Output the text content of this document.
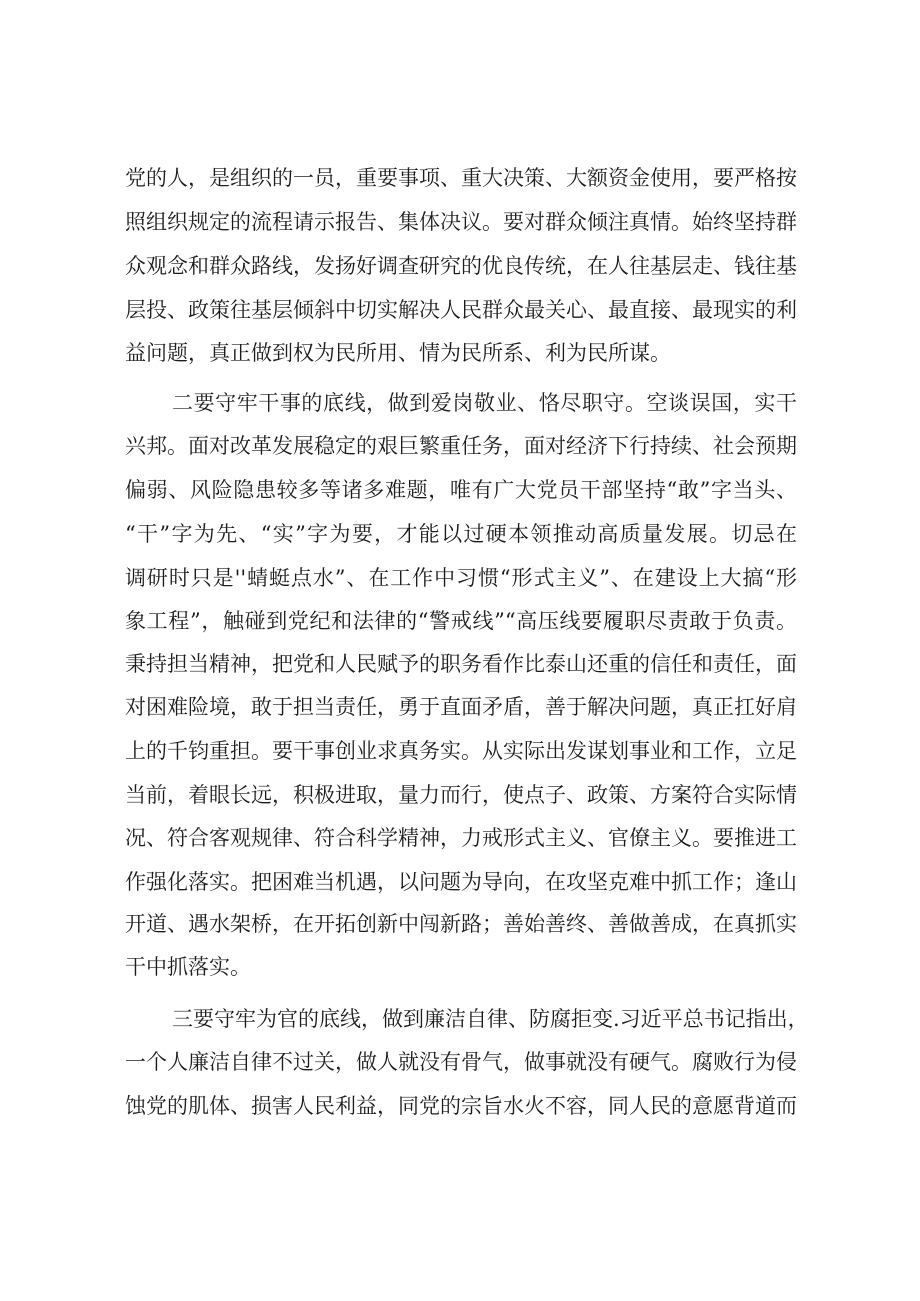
党的人，是组织的一员，重要事项、重大决策、大额资金使用，要严格按

照组织规定的流程请示报告、集体决议。要对群众倾注真情。始终坚持群

众观念和群众路线，发扬好调查研究的优良传统，在人往基层走、钱往基

层投、政策往基层倾斜中切实解决人民群众最关心、最直接、最现实的利

益问题，真正做到权为民所用、情为民所系、利为民所谋。

二要守牢干事的底线，做到爱岗敬业、恪尽职守。空谈误国，实干

兴邦。面对改革发展稳定的艰巨繁重任务，面对经济下行持续、社会预期

偏弱、风险隐患较多等诸多难题，唯有广大党员干部坚持“敢”字当头、

“干”字为先、“实”字为要，才能以过硬本领推动高质量发展。切忌在

调研时只是''蜻蜓点水”、在工作中习惯“形式主义”、在建设上大搞“形

象工程”，触碰到党纪和法律的“警戒线”“高压线要履职尽责敢于负责。

秉持担当精神，把党和人民赋予的职务看作比泰山还重的信任和责任，面

对困难险境，敢于担当责任，勇于直面矛盾，善于解决问题，真正扛好肩

上的千钧重担。要干事创业求真务实。从实际出发谋划事业和工作，立足

当前，着眼长远，积极进取，量力而行，使点子、政策、方案符合实际情

况、符合客观规律、符合科学精神，力戒形式主义、官僚主义。要推进工

作强化落实。把困难当机遇，以问题为导向，在攻坚克难中抓工作；逢山

开道、遇水架桥，在开拓创新中闯新路；善始善终、善做善成，在真抓实

干中抓落实。

三要守牢为官的底线，做到廉洁自律、防腐拒变.习近平总书记指出，

一个人廉洁自律不过关，做人就没有骨气，做事就没有硬气。腐败行为侵

蚀党的肌体、损害人民利益，同党的宗旨水火不容，同人民的意愿背道而
